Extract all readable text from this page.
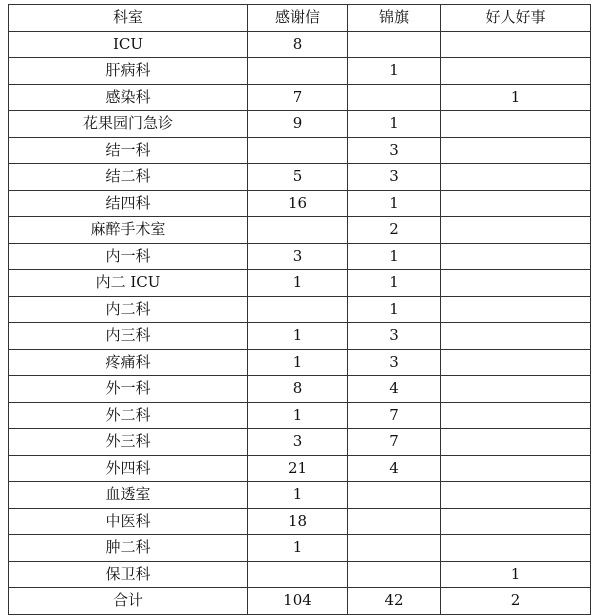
科室	感谢信	锦旗	好人好事
ICU	8		
肝病科		1	
感染科	7		1
花果园门急诊	9	1	
结一科		3	
结二科	5	3	
结四科	16	1	
麻醉手术室		2	
内一科	3	1	
内二 ICU	1	1	
内二科		1	
内三科	1	3	
疼痛科	1	3	
外一科	8	4	
外二科	1	7	
外三科	3	7	
外四科	21	4	
血透室	1		
中医科	18		
肿二科	1		
保卫科			1
合计	104	42	2
